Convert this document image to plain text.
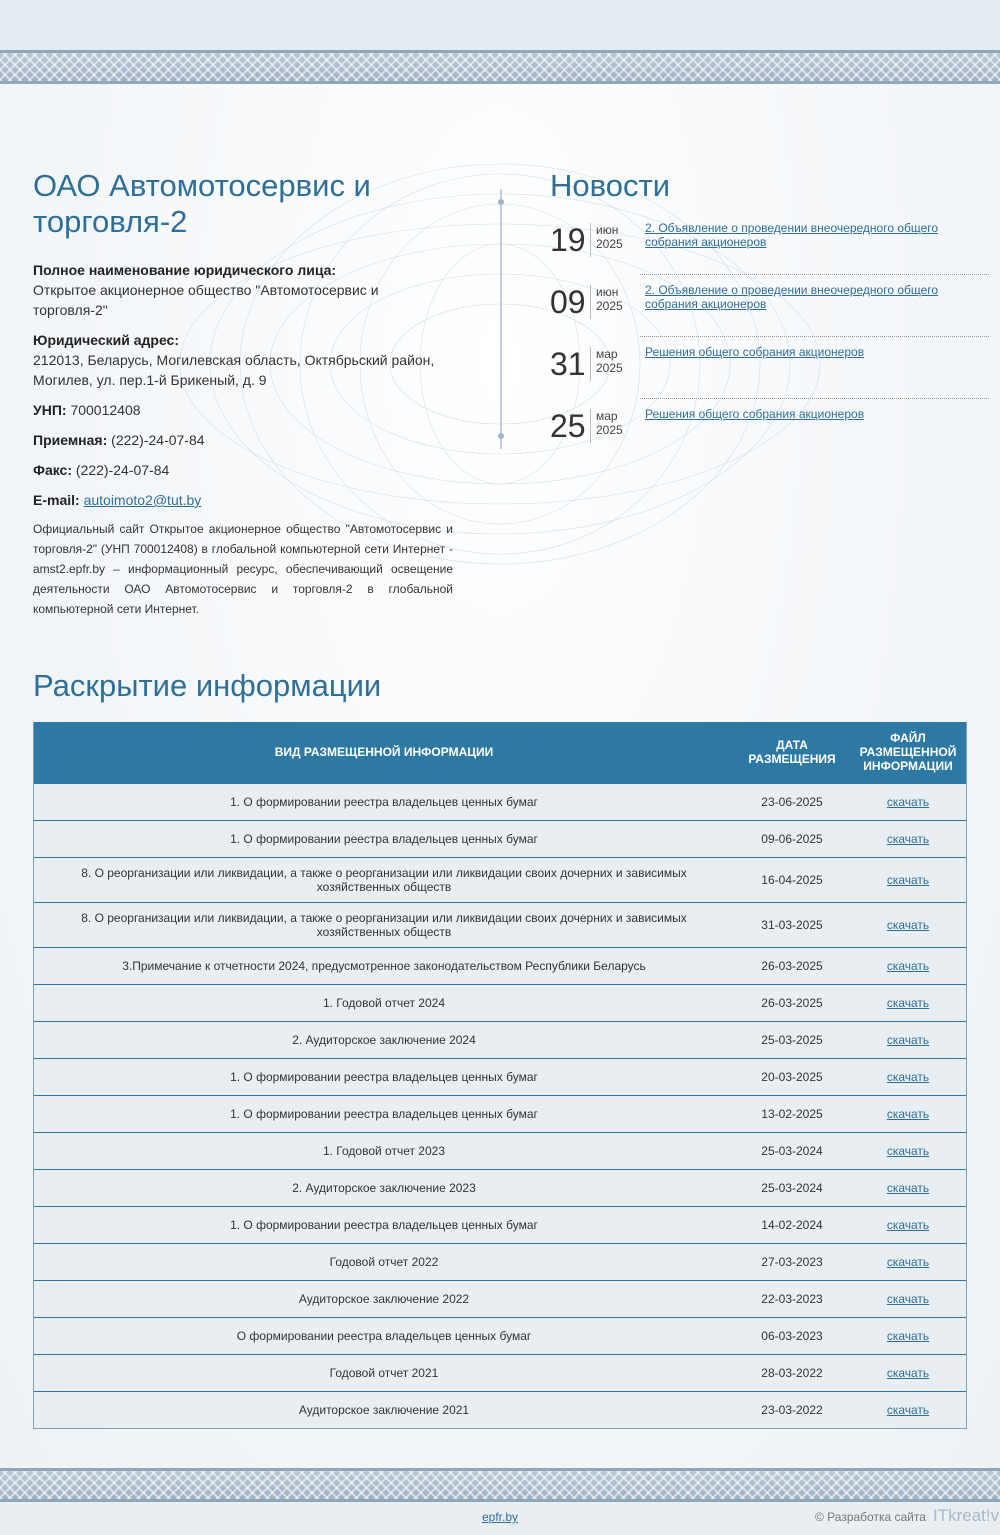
ОАО Автомотосервис и торговля-2
Полное наименование юридического лица:
Открытое акционерное общество "Автомотосервис и торговля-2"
Юридический адрес:
212013, Беларусь, Могилевская область, Октябрьский район, Могилев, ул. пер.1-й Брикеный, д. 9
УНП: 700012408
Приемная: (222)-24-07-84
Факс: (222)-24-07-84
E-mail: autoimoto2@tut.by

Официальный сайт Открытое акционерное общество "Автомотосервис и торговля-2" (УНП 700012408) в глобальной компьютерной сети Интернет - amst2.epfr.by – информационный ресурс, обеспечивающий освещение деятельности ОАО Автомотосервис и торговля-2 в глобальной компьютерной сети Интернет.

Новости
19 июн
2025
2. Объявление о проведении внеочередного общего собрания акционеров
09 июн
2025
2. Объявление о проведении внеочередного общего собрания акционеров
31 мар
2025
Решения общего собрания акционеров
25 мар
2025
Решения общего собрания акционеров
Раскрытие информации
ВИД РАЗМЕЩЕННОЙ ИНФОРМАЦИИ	ДАТА РАЗМЕЩЕНИЯ	ФАЙЛ РАЗМЕЩЕННОЙ ИНФОРМАЦИИ
1. О формировании реестра владельцев ценных бумаг	23-06-2025	скачать
1. О формировании реестра владельцев ценных бумаг	09-06-2025	скачать
8. О реорганизации или ликвидации, а также о реорганизации или ликвидации своих дочерних и зависимых хозяйственных обществ	16-04-2025	скачать
8. О реорганизации или ликвидации, а также о реорганизации или ликвидации своих дочерних и зависимых хозяйственных обществ	31-03-2025	скачать
3.Примечание к отчетности 2024, предусмотренное законодательством Республики Беларусь	26-03-2025	скачать
1. Годовой отчет 2024	26-03-2025	скачать
2. Аудиторское заключение 2024	25-03-2025	скачать
1. О формировании реестра владельцев ценных бумаг	20-03-2025	скачать
1. О формировании реестра владельцев ценных бумаг	13-02-2025	скачать
1. Годовой отчет 2023	25-03-2024	скачать
2. Аудиторское заключение 2023	25-03-2024	скачать
1. О формировании реестра владельцев ценных бумаг	14-02-2024	скачать
Годовой отчет 2022	27-03-2023	скачать
Аудиторское заключение 2022	22-03-2023	скачать
О формировании реестра владельцев ценных бумаг	06-03-2023	скачать
Годовой отчет 2021	28-03-2022	скачать
Аудиторское заключение 2021	23-03-2022	скачать
epfr.by	© Разработка сайта ITkreat!v
